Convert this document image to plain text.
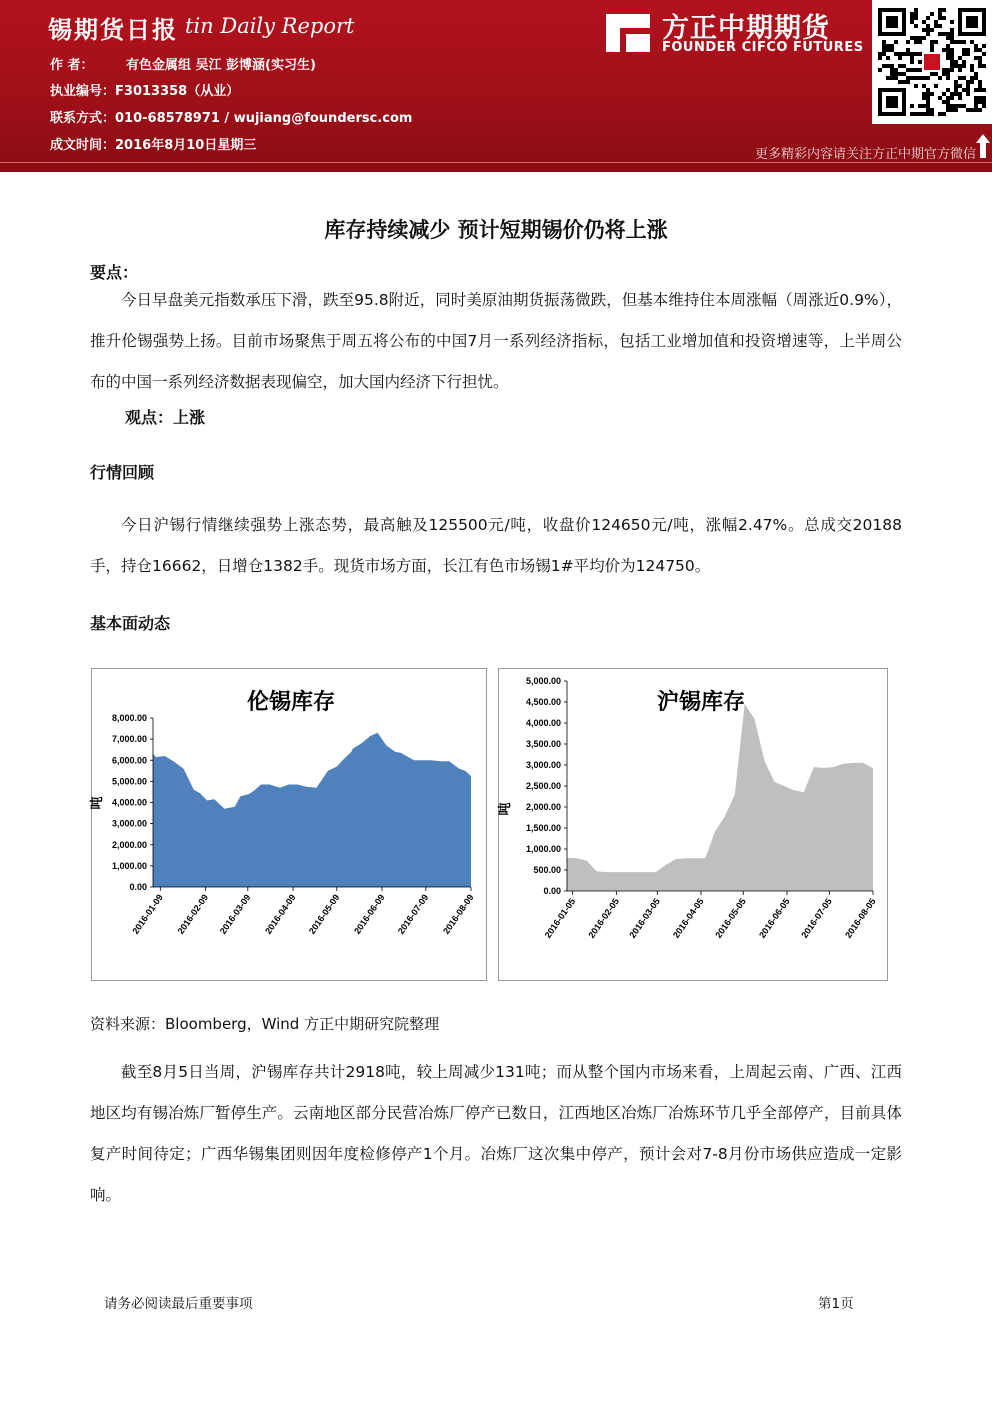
锡期货日报 tin Daily Report
作 者： 有色金属组 吴江 彭博涵(实习生)
执业编号：F3013358（从业）
联系方式：010-68578971 / wujiang@foundersc.com
成文时间：2016年8月10日星期三
方正中期期货
FOUNDER CIFCO FUTURES
更多精彩内容请关注方正中期官方微信
库存持续减少 预计短期锡价仍将上涨
要点：
今日早盘美元指数承压下滑，跌至95.8附近，同时美原油期货振荡微跌，但基本维持住本周涨幅（周涨近0.9%），推升伦锡强势上扬。目前市场聚焦于周五将公布的中国7月一系列经济指标，包括工业增加值和投资增速等，上半周公布的中国一系列经济数据表现偏空，加大国内经济下行担忧。
观点：上涨
行情回顾
今日沪锡行情继续强势上涨态势，最高触及125500元/吨，收盘价124650元/吨，涨幅2.47%。总成交20188手，持仓16662，日增仓1382手。现货市场方面，长江有色市场锡1#平均价为124750。
基本面动态
0.00
1,000.00
2,000.00
3,000.00
4,000.00
5,000.00
6,000.00
7,000.00
8,000.00
2016-01-09 2016-02-09 2016-03-09 2016-04-09 2016-05-09 2016-06-09 2016-07-09 2016-08-09
伦锡库存
吨
0.00
500.00
1,000.00
1,500.00
2,000.00
2,500.00
3,000.00
3,500.00
4,000.00
4,500.00
5,000.00
2016-01-05 2016-02-05 2016-03-05 2016-04-05 2016-05-05 2016-06-05 2016-07-05 2016-08-05
沪锡库存
吨
资料来源：Bloomberg，Wind 方正中期研究院整理
截至8月5日当周，沪锡库存共计2918吨，较上周减少131吨；而从整个国内市场来看，上周起云南、广西、江西地区均有锡冶炼厂暂停生产。云南地区部分民营冶炼厂停产已数日，江西地区冶炼厂冶炼环节几乎全部停产，目前具体复产时间待定；广西华锡集团则因年度检修停产1个月。冶炼厂这次集中停产，预计会对7-8月份市场供应造成一定影响。
请务必阅读最后重要事项	第1页
